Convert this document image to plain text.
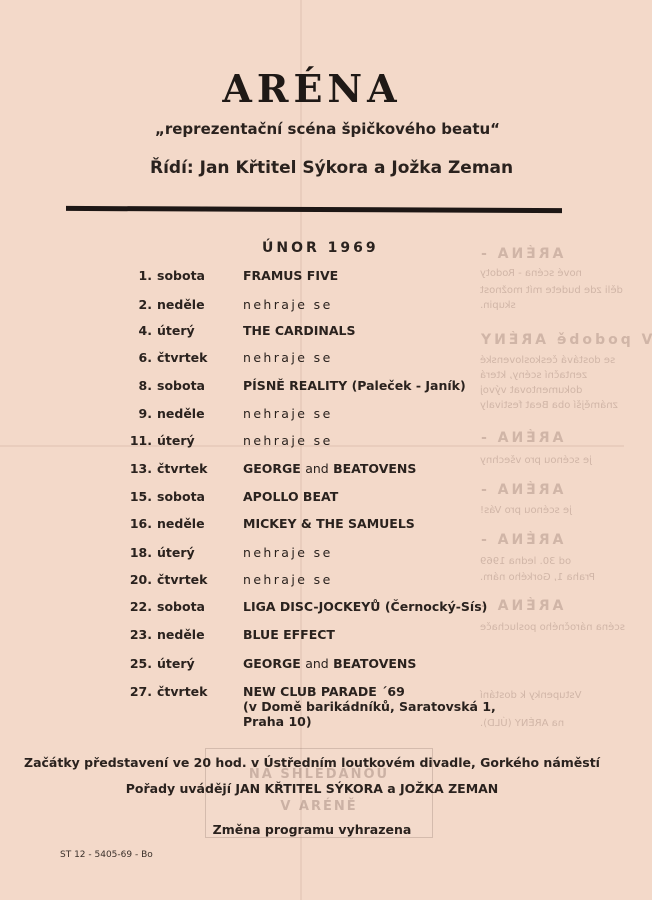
ARÉNA -
nové scéna - Rodoty
děli zde budete mít možnost
skupin.
V podobě ARÉNY
se dostává československé
zentační scény, která
dokumentovat vývoj
známější oba Beat festivaly
ARÉNA -
je scénou pro všechny
ARÉNA -
je scénou pro Vás!
ARÉNA -
od 30. ledna 1969
Praha 1, Gorkého nám.
ARÉNA -
scéna náročného posluchače
Vstupenky k dostání
na ARÉNY (ÚLD).
ARÉNA
„reprezentační scéna špičkového beatu“
Řídí: Jan Křtitel Sýkora a Jožka Zeman
ÚNOR 1969
1. sobota	FRAMUS FIVE
2. neděle	nehraje se
4. úterý	THE CARDINALS
6. čtvrtek	nehraje se
8. sobota	PÍSNĚ REALITY (Paleček - Janík)
9. neděle	nehraje se
11. úterý	nehraje se
13. čtvrtek	GEORGE and BEATOVENS
15. sobota	APOLLO BEAT
16. neděle	MICKEY & THE SAMUELS
18. úterý	nehraje se
20. čtvrtek	nehraje se
22. sobota	LIGA DISC-JOCKEYŮ (Černocký-Sís)
23. neděle	BLUE EFFECT
25. úterý	GEORGE and BEATOVENS
27. čtvrtek	NEW CLUB PARADE ´69
(v Domě barikádníků, Saratovská 1,
Praha 10)
NA SHLEDANOU
V ARÉNĚ
Začátky představení ve 20 hod. v Ústředním loutkovém divadle, Gorkého náměstí
Pořady uvádějí JAN KŘTITEL SÝKORA a JOŽKA ZEMAN
Změna programu vyhrazena
ST 12 - 5405-69 - Bo
